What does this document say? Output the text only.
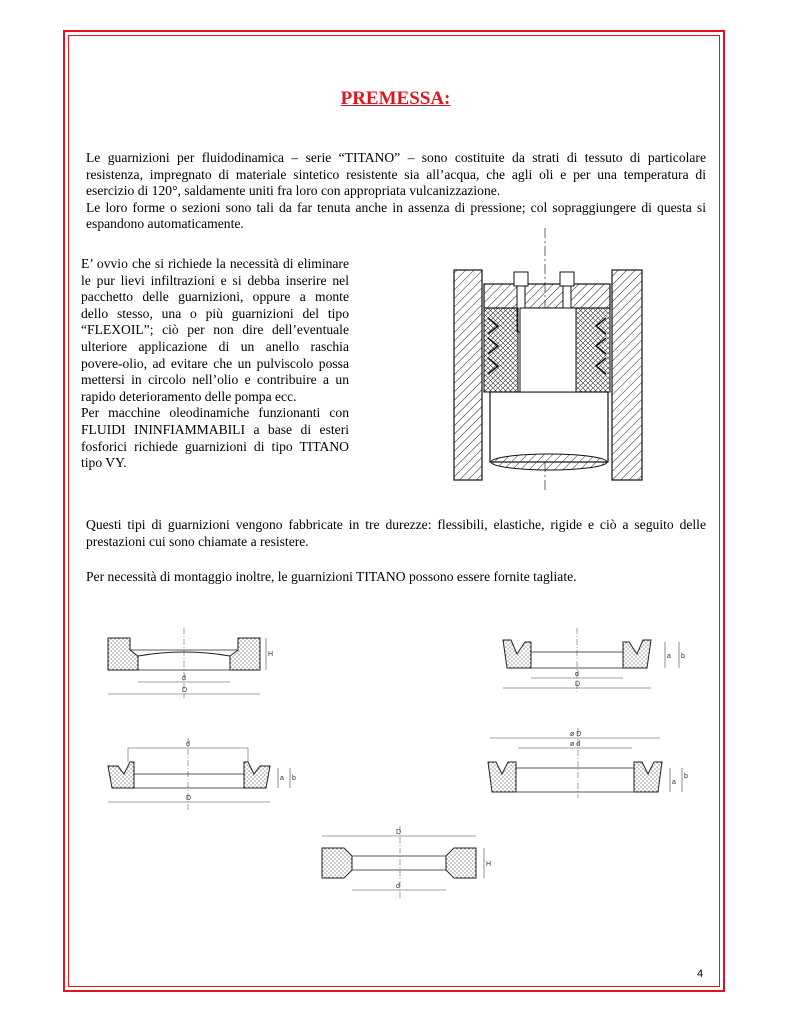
PREMESSA:

Le guarnizioni per fluidodinamica – serie “TITANO” – sono costituite da strati di tessuto di particolare resistenza, impregnato di materiale sintetico resistente sia all’acqua, che agli oli e per una temperatura di esercizio di 120°, saldamente uniti fra loro con appropriata vulcanizzazione.

Le loro forme o sezioni sono tali da far tenuta anche in assenza di pressione; col sopraggiungere di questa si espandono automaticamente.

E’ ovvio che si richiede la necessità di eliminare le pur lievi infiltrazioni e si debba inserire nel pacchetto delle guarnizioni, oppure a monte dello stesso, una o più guarnizioni del tipo “FLEXOIL”; ciò per non dire dell’eventuale ulteriore applicazione di un anello raschia povere-olio, ad evitare che un pulviscolo possa mettersi in circolo nell’olio e contribuire a un rapido deterioramento delle pompa ecc.

Per macchine oleodinamiche funzionanti con FLUIDI ININFIAMMABILI a base di esteri fosforici richiede guarnizioni di tipo TITANO tipo VY.

Questi tipi di guarnizioni vengono fabbricate in tre durezze: flessibili, elastiche, rigide e ciò a seguito delle prestazioni cui sono chiamate a resistere.

Per necessità di montaggio inoltre, le guarnizioni TITANO possono essere fornite tagliate.

H
d
D
a b
d
D
d
a b
D
ø D
ø d
a
b
D
H
d
4
